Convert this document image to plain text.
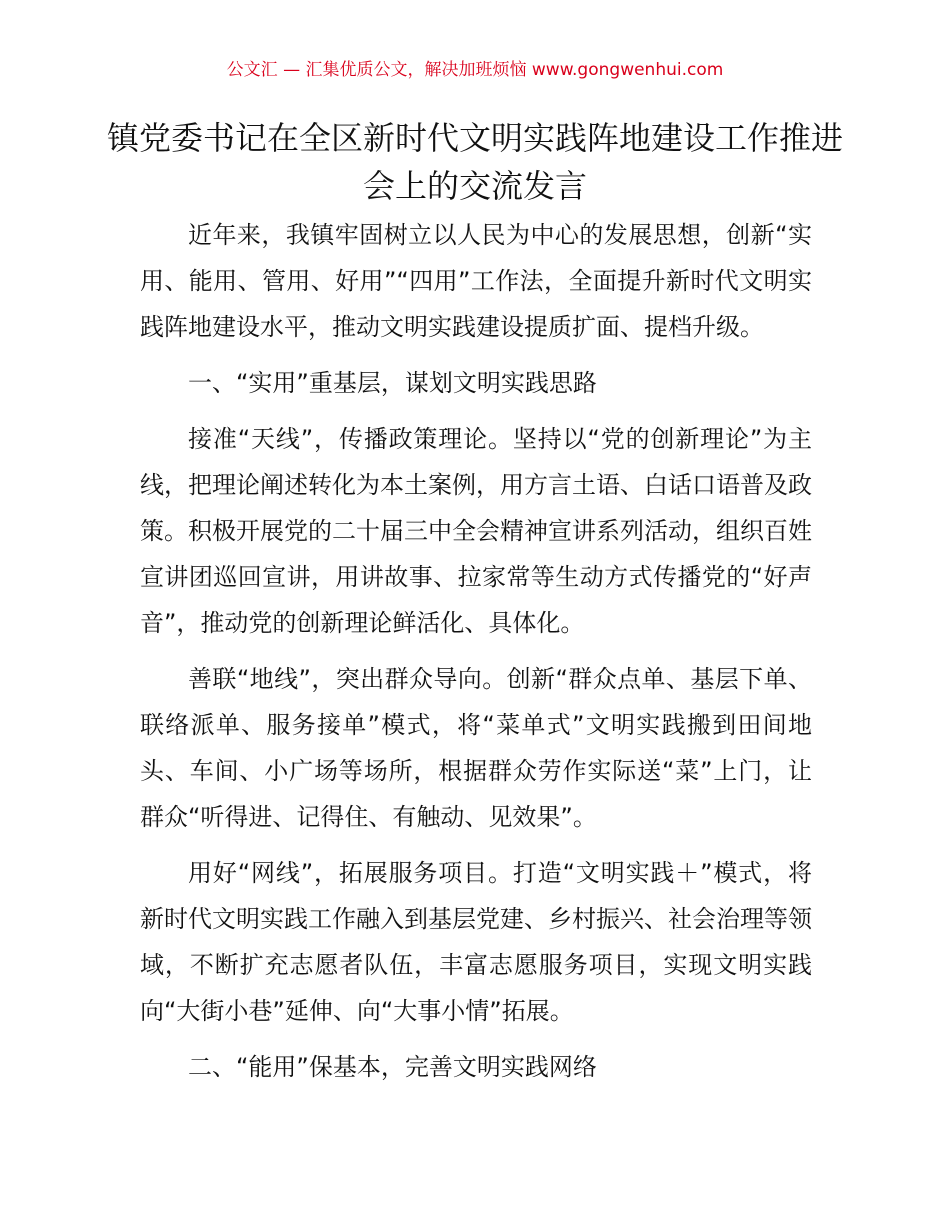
公文汇 — 汇集优质公文，解决加班烦恼 www.gongwenhui.com
镇党委书记在全区新时代文明实践阵地建设工作推进会上的交流发言

近年来，我镇牢固树立以人民为中心的发展思想，创新“实用、能用、管用、好用”“四用”工作法，全面提升新时代文明实践阵地建设水平，推动文明实践建设提质扩面、提档升级。

一、“实用”重基层，谋划文明实践思路

接准“天线”，传播政策理论。坚持以“党的创新理论”为主线，把理论阐述转化为本土案例，用方言土语、白话口语普及政策。积极开展党的二十届三中全会精神宣讲系列活动，组织百姓宣讲团巡回宣讲，用讲故事、拉家常等生动方式传播党的“好声音”，推动党的创新理论鲜活化、具体化。

善联“地线”，突出群众导向。创新“群众点单、基层下单、联络派单、服务接单”模式，将“菜单式”文明实践搬到田间地头、车间、小广场等场所，根据群众劳作实际送“菜”上门，让群众“听得进、记得住、有触动、见效果”。

用好“网线”，拓展服务项目。打造“文明实践＋”模式，将新时代文明实践工作融入到基层党建、乡村振兴、社会治理等领域，不断扩充志愿者队伍，丰富志愿服务项目，实现文明实践向“大街小巷”延伸、向“大事小情”拓展。

二、“能用”保基本，完善文明实践网络
